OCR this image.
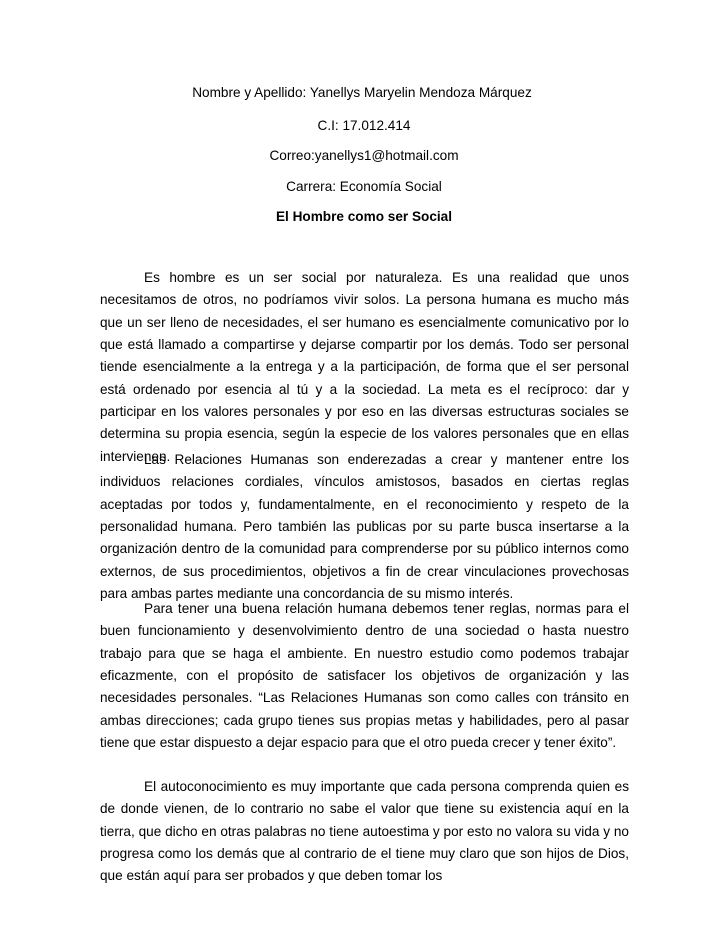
Nombre y Apellido: Yanellys Maryelin Mendoza Márquez
C.I: 17.012.414
Correo:yanellys1@hotmail.com
Carrera: Economía Social
El Hombre como ser Social

Es hombre es un ser social por naturaleza. Es una realidad que unos necesitamos de otros, no podríamos vivir solos. La persona humana es mucho más que un ser lleno de necesidades, el ser humano es esencialmente comunicativo por lo que está llamado a compartirse y dejarse compartir por los demás. Todo ser personal tiende esencialmente a la entrega y a la participación, de forma que el ser personal está ordenado por esencia al tú y a la sociedad. La meta es el recíproco: dar y participar en los valores personales y por eso en las diversas estructuras sociales se determina su propia esencia, según la especie de los valores personales que en ellas intervienen.

Las Relaciones Humanas son enderezadas a crear y mantener entre los individuos relaciones cordiales, vínculos amistosos, basados en ciertas reglas aceptadas por todos y, fundamentalmente, en el reconocimiento y respeto de la personalidad humana. Pero también las publicas por su parte busca insertarse a la organización dentro de la comunidad para comprenderse por su público internos como externos, de sus procedimientos, objetivos a fin de crear vinculaciones provechosas para ambas partes mediante una concordancia de su mismo interés.

Para tener una buena relación humana debemos tener reglas, normas para el buen funcionamiento y desenvolvimiento dentro de una sociedad o hasta nuestro trabajo para que se haga el ambiente. En nuestro estudio como podemos trabajar eficazmente, con el propósito de satisfacer los objetivos de organización y las necesidades personales. “Las Relaciones Humanas son como calles con tránsito en ambas direcciones; cada grupo tienes sus propias metas y habilidades, pero al pasar tiene que estar dispuesto a dejar espacio para que el otro pueda crecer y tener éxito”.

El autoconocimiento es muy importante que cada persona comprenda quien es de donde vienen, de lo contrario no sabe el valor que tiene su existencia aquí en la tierra, que dicho en otras palabras no tiene autoestima y por esto no valora su vida y no progresa como los demás que al contrario de el tiene muy claro que son hijos de Dios, que están aquí para ser probados y que deben tomar los
